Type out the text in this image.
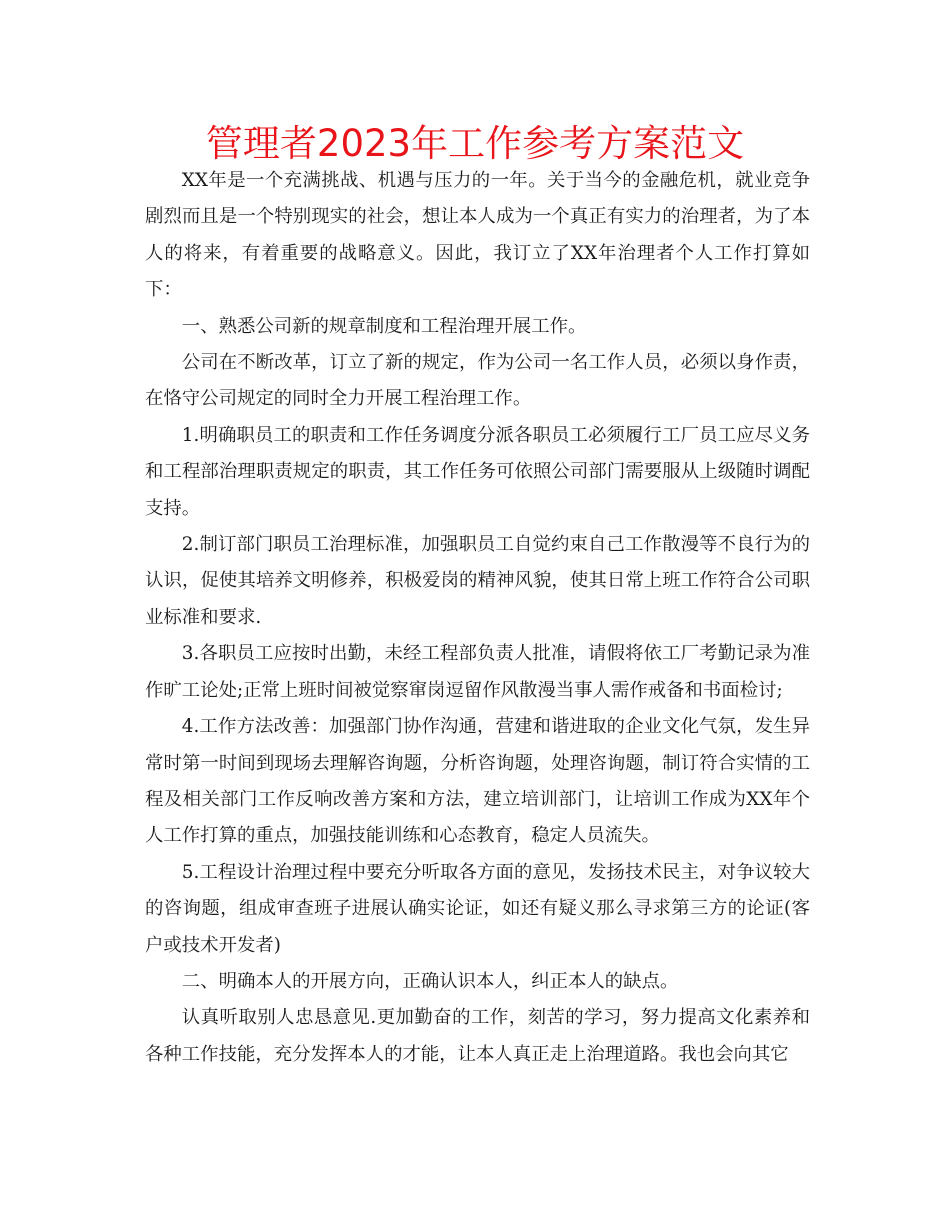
管理者2023年工作参考方案范文

XX年是一个充满挑战、机遇与压力的一年。关于当今的金融危机，就业竞争剧烈而且是一个特别现实的社会，想让本人成为一个真正有实力的治理者，为了本人的将来，有着重要的战略意义。因此，我订立了XX年治理者个人工作打算如下：

一、熟悉公司新的规章制度和工程治理开展工作。

公司在不断改革，订立了新的规定，作为公司一名工作人员，必须以身作责，在恪守公司规定的同时全力开展工程治理工作。

1.明确职员工的职责和工作任务调度分派各职员工必须履行工厂员工应尽义务和工程部治理职责规定的职责，其工作任务可依照公司部门需要服从上级随时调配支持。

2.制订部门职员工治理标准，加强职员工自觉约束自己工作散漫等不良行为的认识，促使其培养文明修养，积极爱岗的精神风貌，使其日常上班工作符合公司职业标准和要求.

3.各职员工应按时出勤，未经工程部负责人批准，请假将依工厂考勤记录为准作旷工论处;正常上班时间被觉察窜岗逗留作风散漫当事人需作戒备和书面检讨;

4.工作方法改善：加强部门协作沟通，营建和谐进取的企业文化气氛，发生异常时第一时间到现场去理解咨询题，分析咨询题，处理咨询题，制订符合实情的工程及相关部门工作反响改善方案和方法，建立培训部门，让培训工作成为XX年个人工作打算的重点，加强技能训练和心态教育，稳定人员流失。

5.工程设计治理过程中要充分听取各方面的意见，发扬技术民主，对争议较大的咨询题，组成审查班子进展认确实论证，如还有疑义那么寻求第三方的论证(客户或技术开发者)

二、明确本人的开展方向，正确认识本人，纠正本人的缺点。

认真听取别人忠恳意见.更加勤奋的工作，刻苦的学习，努力提高文化素养和各种工作技能，充分发挥本人的才能，让本人真正走上治理道路。我也会向其它
